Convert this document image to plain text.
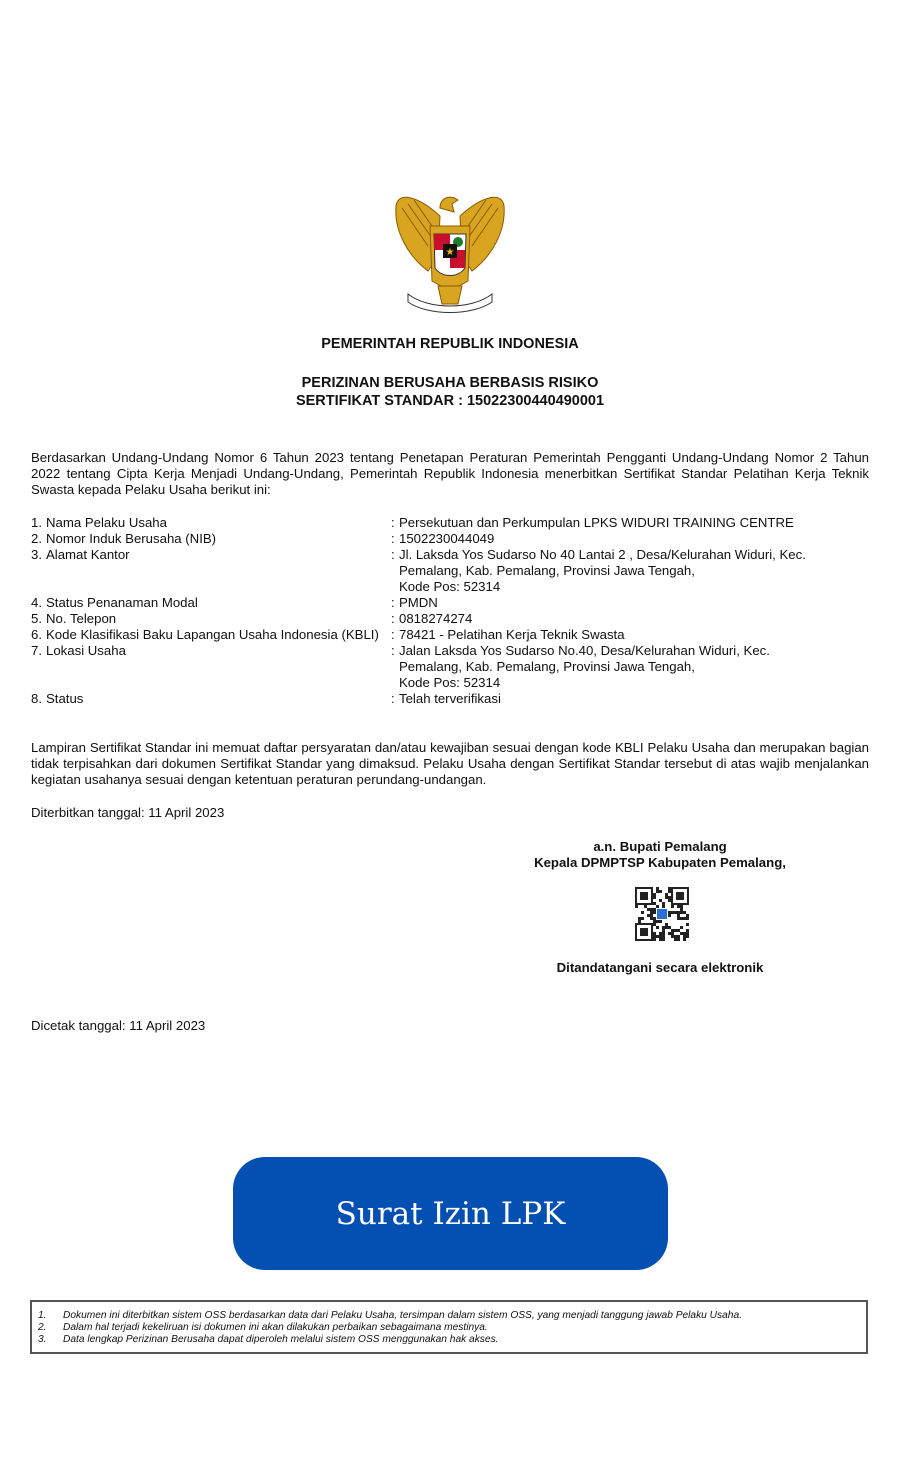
★
PEMERINTAH REPUBLIK INDONESIA
PERIZINAN BERUSAHA BERBASIS RISIKO
SERTIFIKAT STANDAR : 15022300440490001
Berdasarkan Undang-Undang Nomor 6 Tahun 2023 tentang Penetapan Peraturan Pemerintah Pengganti Undang-Undang Nomor 2 Tahun 2022 tentang Cipta Kerja Menjadi Undang-Undang, Pemerintah Republik Indonesia menerbitkan Sertifikat Standar Pelatihan Kerja Teknik Swasta kepada Pelaku Usaha berikut ini:
1. Nama Pelaku Usaha	: Persekutuan dan Perkumpulan LPKS WIDURI TRAINING CENTRE
2. Nomor Induk Berusaha (NIB)	: 1502230044049
3. Alamat Kantor	: Jl. Laksda Yos Sudarso No 40 Lantai 2 , Desa/Kelurahan Widuri, Kec.
Pemalang, Kab. Pemalang, Provinsi Jawa Tengah,
Kode Pos: 52314
4. Status Penanaman Modal	: PMDN
5. No. Telepon	: 0818274274
6. Kode Klasifikasi Baku Lapangan Usaha Indonesia (KBLI) : 78421 - Pelatihan Kerja Teknik Swasta
7. Lokasi Usaha	: Jalan Laksda Yos Sudarso No.40, Desa/Kelurahan Widuri, Kec.
Pemalang, Kab. Pemalang, Provinsi Jawa Tengah,
Kode Pos: 52314
8. Status	: Telah terverifikasi
Lampiran Sertifikat Standar ini memuat daftar persyaratan dan/atau kewajiban sesuai dengan kode KBLI Pelaku Usaha dan merupakan bagian tidak terpisahkan dari dokumen Sertifikat Standar yang dimaksud. Pelaku Usaha dengan Sertifikat Standar tersebut di atas wajib menjalankan kegiatan usahanya sesuai dengan ketentuan peraturan perundang-undangan.
Diterbitkan tanggal: 11 April 2023
a.n. Bupati Pemalang
Kepala DPMPTSP Kabupaten Pemalang,
Ditandatangani secara elektronik
Dicetak tanggal: 11 April 2023
Surat Izin LPK
1.	Dokumen ini diterbitkan sistem OSS berdasarkan data dari Pelaku Usaha, tersimpan dalam sistem OSS, yang menjadi tanggung jawab Pelaku Usaha.
2.	Dalam hal terjadi kekeliruan isi dokumen ini akan dilakukan perbaikan sebagaimana mestinya.
3.	Data lengkap Perizinan Berusaha dapat diperoleh melalui sistem OSS menggunakan hak akses.
